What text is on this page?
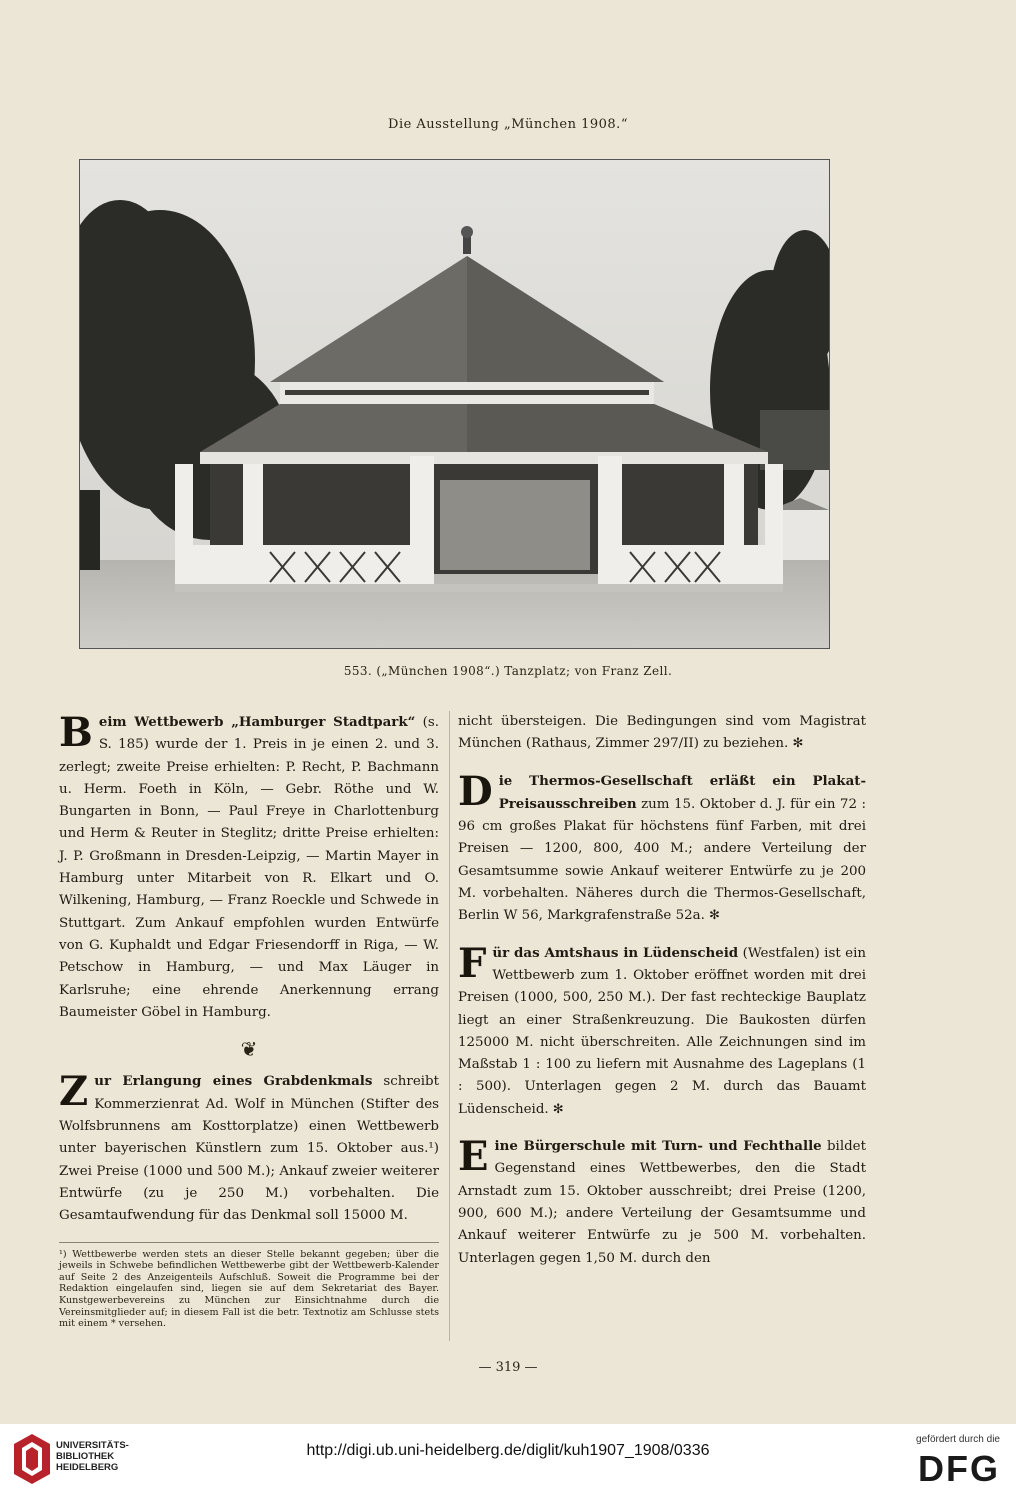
Die Ausstellung „München 1908.“
553. („München 1908“.) Tanzplatz; von Franz Zell.

Beim Wettbewerb „Hamburger Stadtpark“ (s. S. 185) wurde der 1. Preis in je einen 2. und 3. zerlegt; zweite Preise erhielten: P. Recht, P. Bachmann u. Herm. Foeth in Köln, — Gebr. Röthe und W. Bungarten in Bonn, — Paul Freye in Charlottenburg und Herm & Reuter in Steglitz; dritte Preise erhielten: J. P. Großmann in Dresden-Leipzig, — Martin Mayer in Hamburg unter Mitarbeit von R. Elkart und O. Wilkening, Hamburg, — Franz Roeckle und Schwede in Stuttgart. Zum Ankauf empfohlen wurden Entwürfe von G. Kuphaldt und Edgar Friesendorff in Riga, — W. Petschow in Hamburg, — und Max Läuger in Karlsruhe; eine ehrende Anerkennung errang Baumeister Göbel in Hamburg.

❦

Zur Erlangung eines Grabdenkmals schreibt Kommerzienrat Ad. Wolf in München (Stifter des Wolfsbrunnens am Kosttorplatze) einen Wettbewerb unter bayerischen Künstlern zum 15. Oktober aus.¹) Zwei Preise (1000 und 500 M.); Ankauf zweier weiterer Entwürfe (zu je 250 M.) vorbehalten. Die Gesamtaufwendung für das Denkmal soll 15000 M.

¹) Wettbewerbe werden stets an dieser Stelle bekannt gegeben; über die jeweils in Schwebe befindlichen Wettbewerbe gibt der Wettbewerb-Kalender auf Seite 2 des Anzeigenteils Aufschluß. Soweit die Programme bei der Redaktion eingelaufen sind, liegen sie auf dem Sekretariat des Bayer. Kunstgewerbevereins zu München zur Einsichtnahme durch die Vereinsmitglieder auf; in diesem Fall ist die betr. Textnotiz am Schlusse stets mit einem * versehen.

nicht übersteigen. Die Bedingungen sind vom Magistrat München (Rathaus, Zimmer 297/II) zu beziehen. ✻

Die Thermos-Gesellschaft erläßt ein Plakat-Preisausschreiben zum 15. Oktober d. J. für ein 72 : 96 cm großes Plakat für höchstens fünf Farben, mit drei Preisen — 1200, 800, 400 M.; andere Verteilung der Gesamtsumme sowie Ankauf weiterer Entwürfe zu je 200 M. vorbehalten. Näheres durch die Thermos-Gesellschaft, Berlin W 56, Markgrafenstraße 52a. ✻

Für das Amtshaus in Lüdenscheid (Westfalen) ist ein Wettbewerb zum 1. Oktober eröffnet worden mit drei Preisen (1000, 500, 250 M.). Der fast rechteckige Bauplatz liegt an einer Straßenkreuzung. Die Baukosten dürfen 125000 M. nicht überschreiten. Alle Zeichnungen sind im Maßstab 1 : 100 zu liefern mit Ausnahme des Lageplans (1 : 500). Unterlagen gegen 2 M. durch das Bauamt Lüdenscheid. ✻

Eine Bürgerschule mit Turn- und Fechthalle bildet Gegenstand eines Wettbewerbes, den die Stadt Arnstadt zum 15. Oktober ausschreibt; drei Preise (1200, 900, 600 M.); andere Verteilung der Gesamtsumme und Ankauf weiterer Entwürfe zu je 500 M. vorbehalten. Unterlagen gegen 1,50 M. durch den

— 319 —
UNIVERSITÄTS-
BIBLIOTHEK
HEIDELBERG
http://digi.ub.uni-heidelberg.de/diglit/kuh1907_1908/0336
gefördert durch die
DFG
